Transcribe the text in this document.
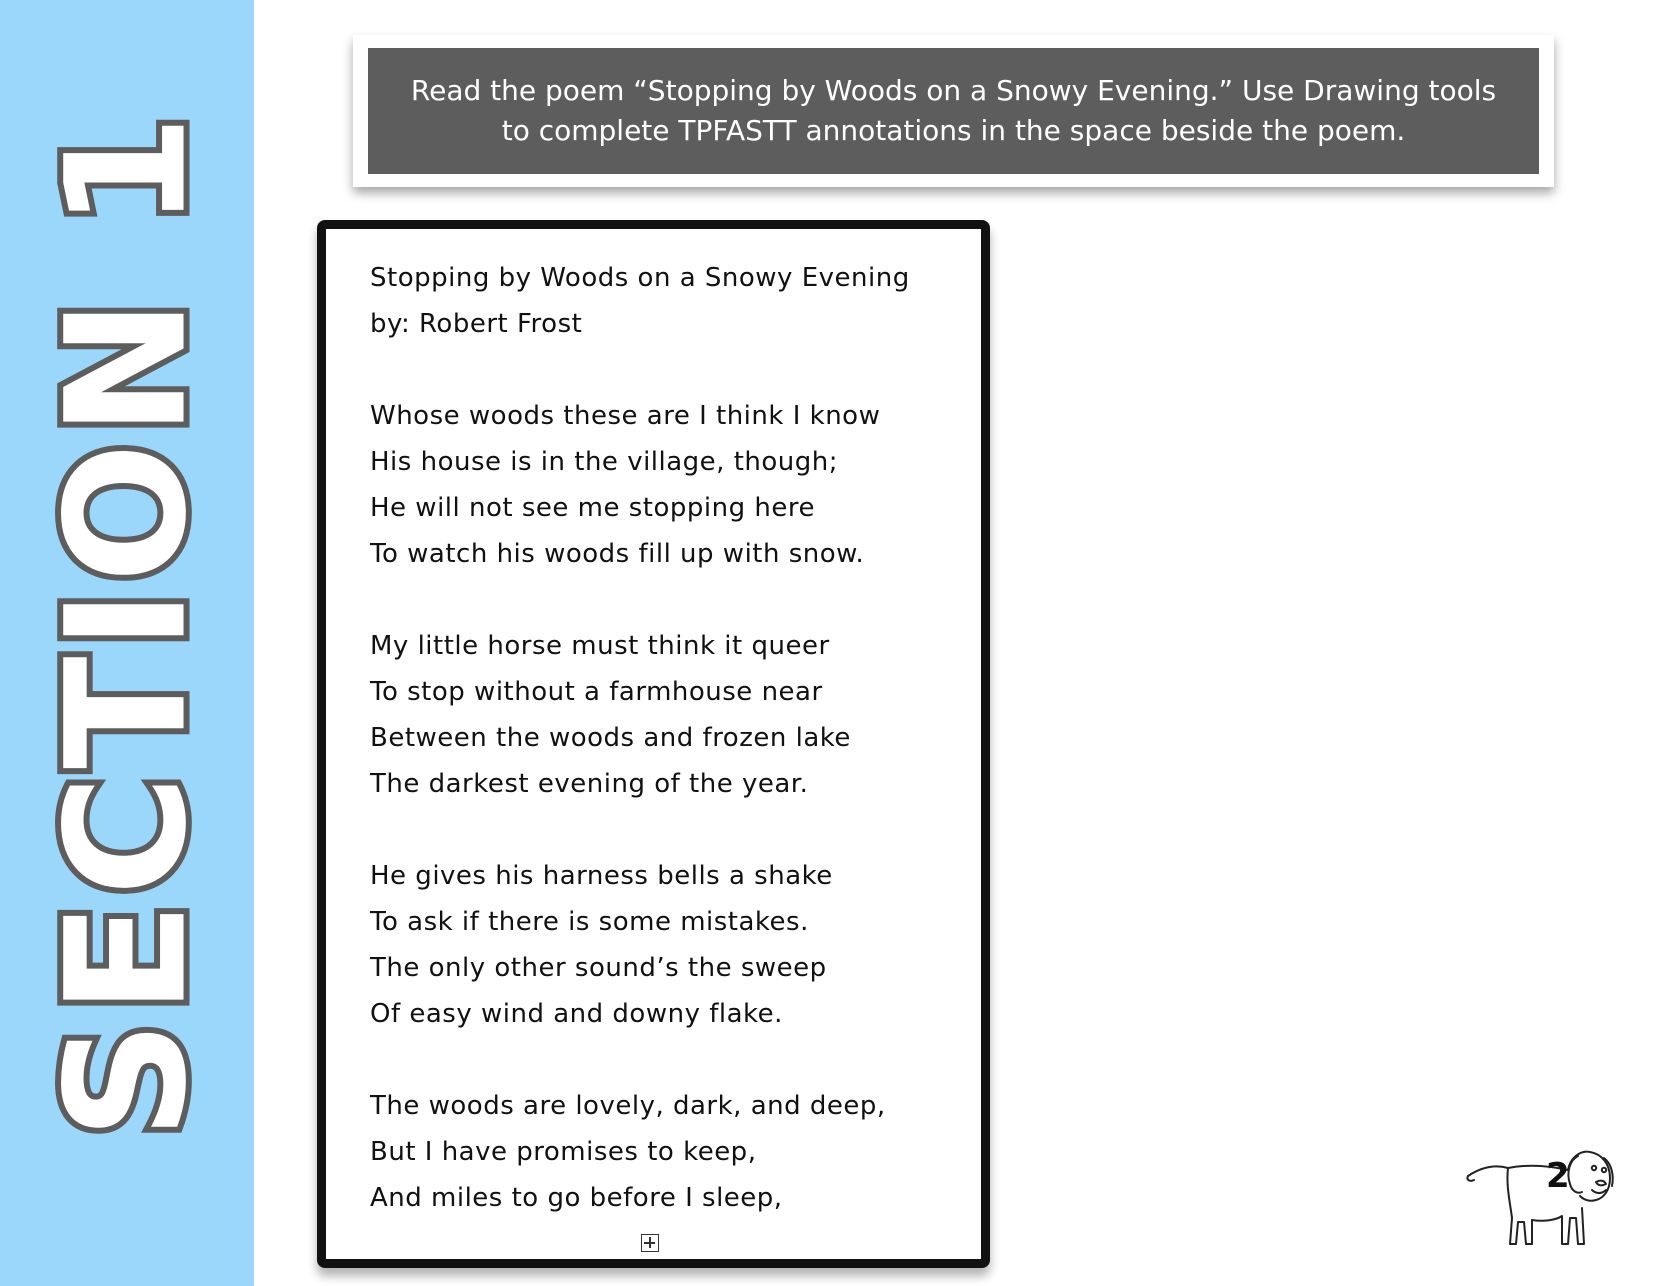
SECTION 1
Read the poem “Stopping by Woods on a Snowy Evening.” Use Drawing tools to complete TPFASTT annotations in the space beside the poem.
Stopping by Woods on a Snowy Evening
by: Robert Frost
Whose woods these are I think I know
His house is in the village, though;
He will not see me stopping here
To watch his woods fill up with snow.
My little horse must think it queer
To stop without a farmhouse near
Between the woods and frozen lake
The darkest evening of the year.
He gives his harness bells a shake
To ask if there is some mistakes.
The only other sound’s the sweep
Of easy wind and downy flake.
The woods are lovely, dark, and deep,
But I have promises to keep,
And miles to go before I sleep,
2
